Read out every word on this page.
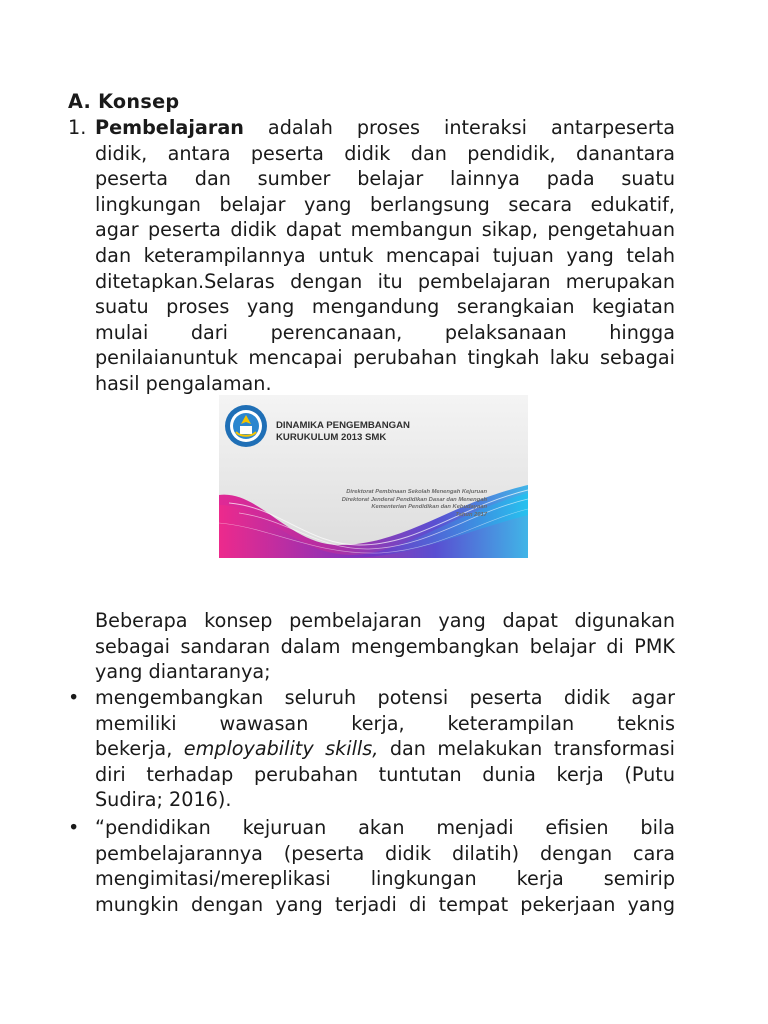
A. Konsep
1. Pembelajaran adalah proses interaksi antarpeserta
didik, antara peserta didik dan pendidik, danantara
peserta dan sumber belajar lainnya pada suatu
lingkungan belajar yang berlangsung secara edukatif,
agar peserta didik dapat membangun sikap, pengetahuan
dan keterampilannya untuk mencapai tujuan yang telah
ditetapkan.Selaras dengan itu pembelajaran merupakan
suatu proses yang mengandung serangkaian kegiatan
mulai dari perencanaan, pelaksanaan hingga
penilaianuntuk mencapai perubahan tingkah laku sebagai
hasil pengalaman.
DINAMIKA PENGEMBANGAN
KURUKULUM 2013 SMK
Direktorat Pembinaan Sekolah Menengah Kejuruan
Direktorat Jenderal Pendidikan Dasar dan Menengah
Kementerian Pendidikan dan Kebudayaan
Tahun 2017
Beberapa konsep pembelajaran yang dapat digunakan
sebagai sandaran dalam mengembangkan belajar di PMK
yang diantaranya;
• mengembangkan seluruh potensi peserta didik agar
memiliki wawasan kerja, keterampilan teknis
bekerja, employability skills, dan melakukan transformasi
diri terhadap perubahan tuntutan dunia kerja (Putu
Sudira; 2016).
• “pendidikan kejuruan akan menjadi efisien bila
pembelajarannya (peserta didik dilatih) dengan cara
mengimitasi/mereplikasi lingkungan kerja semirip
mungkin dengan yang terjadi di tempat pekerjaan yang
